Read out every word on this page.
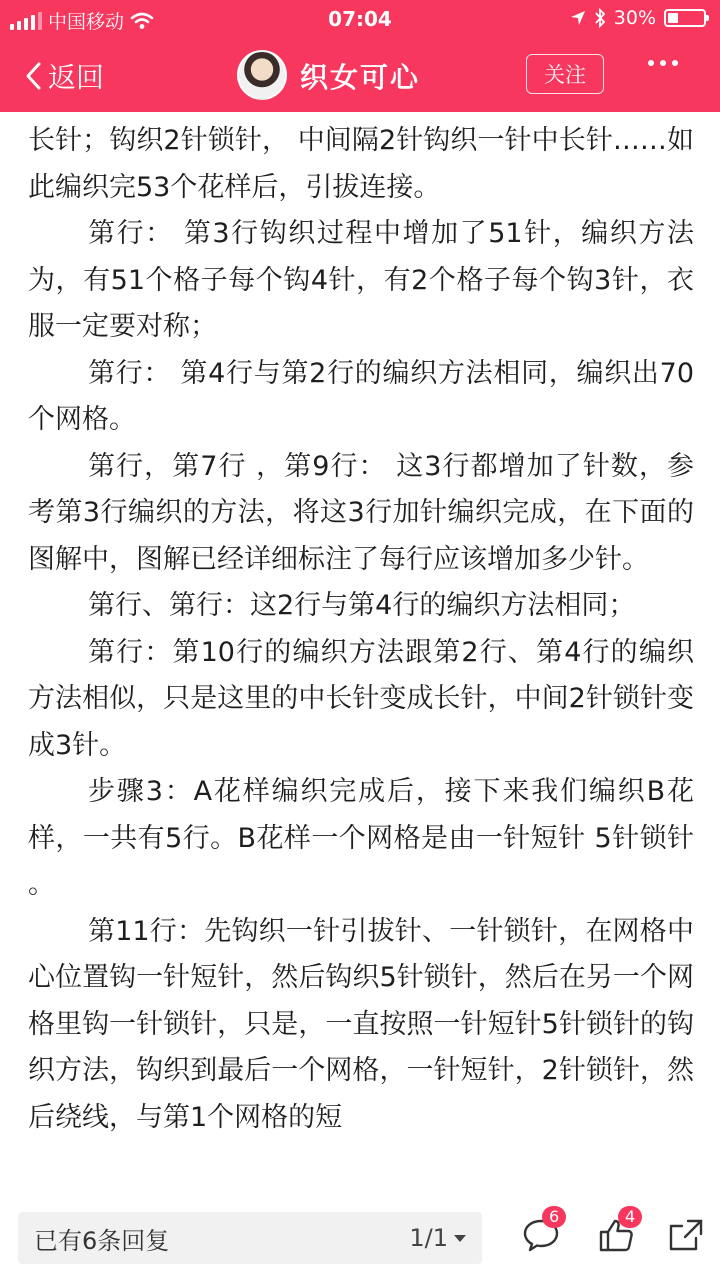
中国移动	07:04	30%
返回	织女可心	关注

长针；钩织2针锁针， 中间隔2针钩织一针中长针……如此编织完53个花样后，引拔连接。

第行： 第3行钩织过程中增加了51针，编织方法为，有51个格子每个钩4针，有2个格子每个钩3针，衣服一定要对称；

第行： 第4行与第2行的编织方法相同，编织出70个网格。

第行，第7行 ，第9行： 这3行都增加了针数，参考第3行编织的方法，将这3行加针编织完成，在下面的图解中，图解已经详细标注了每行应该增加多少针。

第行、第行：这2行与第4行的编织方法相同；

第行：第10行的编织方法跟第2行、第4行的编织方法相似，只是这里的中长针变成长针，中间2针锁针变成3针。

步骤3：A花样编织完成后，接下来我们编织B花样，一共有5行。B花样一个网格是由一针短针 5针锁针 。

第11行：先钩织一针引拔针、一针锁针，在网格中心位置钩一针短针，然后钩织5针锁针，然后在另一个网格里钩一针锁针，只是，一直按照一针短针5针锁针的钩织方法，钩织到最后一个网格，一针短针，2针锁针，然后绕线，与第1个网格的短

已有6条回复	1/1
6	4
